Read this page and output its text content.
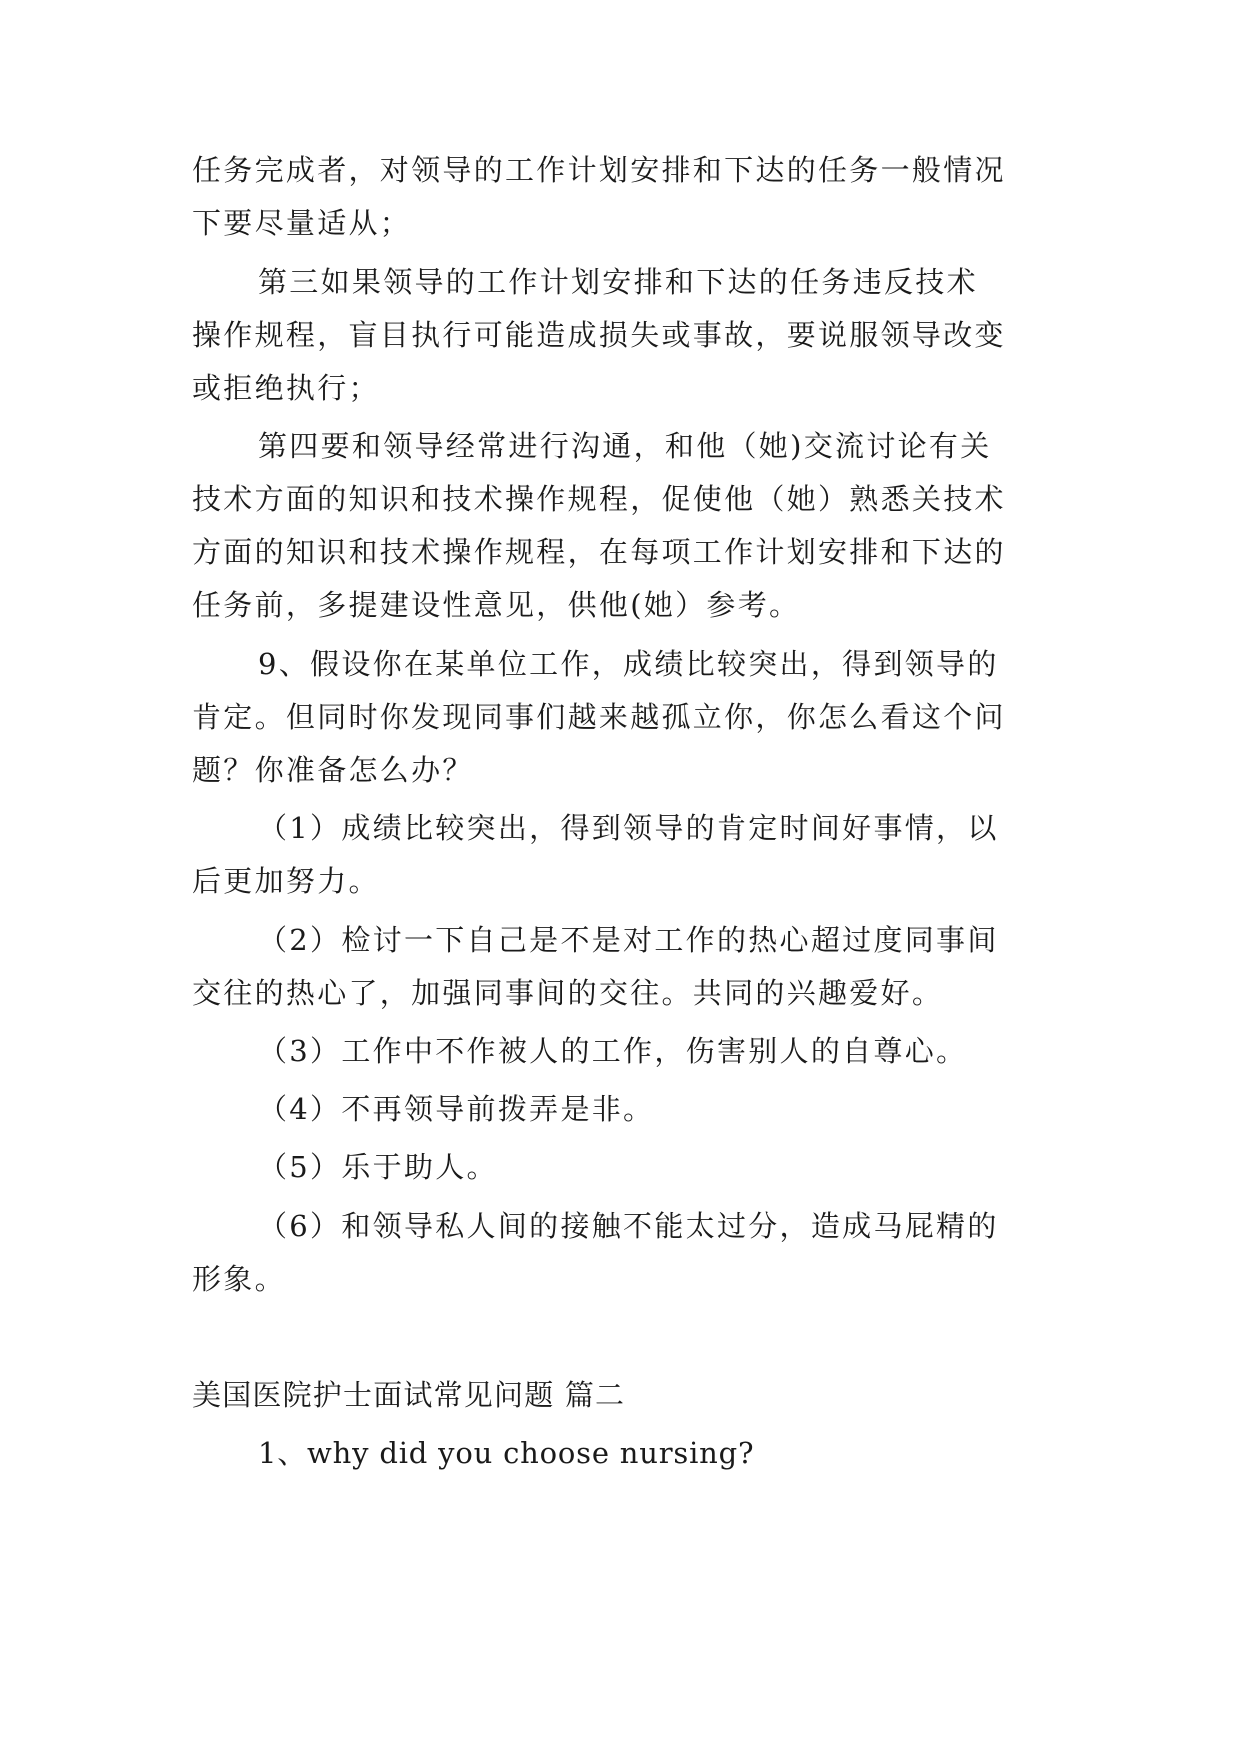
任务完成者，对领导的工作计划安排和下达的任务一般情况
下要尽量适从；
第三如果领导的工作计划安排和下达的任务违反技术
操作规程，盲目执行可能造成损失或事故，要说服领导改变
或拒绝执行；
第四要和领导经常进行沟通，和他（她)交流讨论有关
技术方面的知识和技术操作规程，促使他（她）熟悉关技术
方面的知识和技术操作规程，在每项工作计划安排和下达的
任务前，多提建设性意见，供他(她）参考。
9、假设你在某单位工作，成绩比较突出，得到领导的
肯定。但同时你发现同事们越来越孤立你，你怎么看这个问
题？你准备怎么办？
（1）成绩比较突出，得到领导的肯定时间好事情，以
后更加努力。
（2）检讨一下自己是不是对工作的热心超过度同事间
交往的热心了，加强同事间的交往。共同的兴趣爱好。
（3）工作中不作被人的工作，伤害别人的自尊心。
（4）不再领导前拨弄是非。
（5）乐于助人。
（6）和领导私人间的接触不能太过分，造成马屁精的
形象。
美国医院护士面试常见问题 篇二
1、why did you choose nursing?
